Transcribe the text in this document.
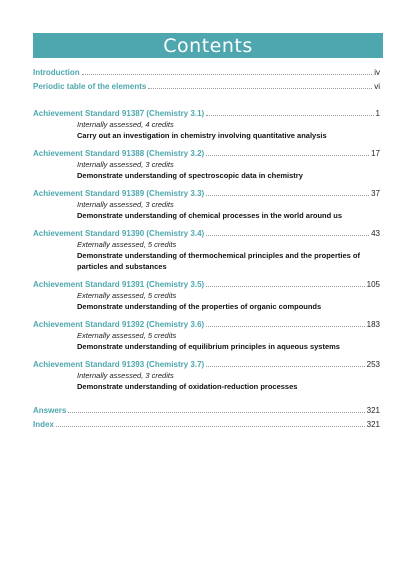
Contents
Introduction	iv
Periodic table of the elements	vi
Achievement Standard 91387 (Chemistry 3.1)	1
Internally assessed, 4 credits
Carry out an investigation in chemistry involving quantitative analysis
Achievement Standard 91388 (Chemistry 3.2)	17
Internally assessed, 3 credits
Demonstrate understanding of spectroscopic data in chemistry
Achievement Standard 91389 (Chemistry 3.3)	37
Internally assessed, 3 credits
Demonstrate understanding of chemical processes in the world around us
Achievement Standard 91390 (Chemistry 3.4)	43
Externally assessed, 5 credits
Demonstrate understanding of thermochemical principles and the properties of particles and substances
Achievement Standard 91391 (Chemistry 3.5)	105
Externally assessed, 5 credits
Demonstrate understanding of the properties of organic compounds
Achievement Standard 91392 (Chemistry 3.6)	183
Externally assessed, 5 credits
Demonstrate understanding of equilibrium principles in aqueous systems
Achievement Standard 91393 (Chemistry 3.7)	253
Internally assessed, 3 credits
Demonstrate understanding of oxidation-reduction processes
Answers	321
Index	321
